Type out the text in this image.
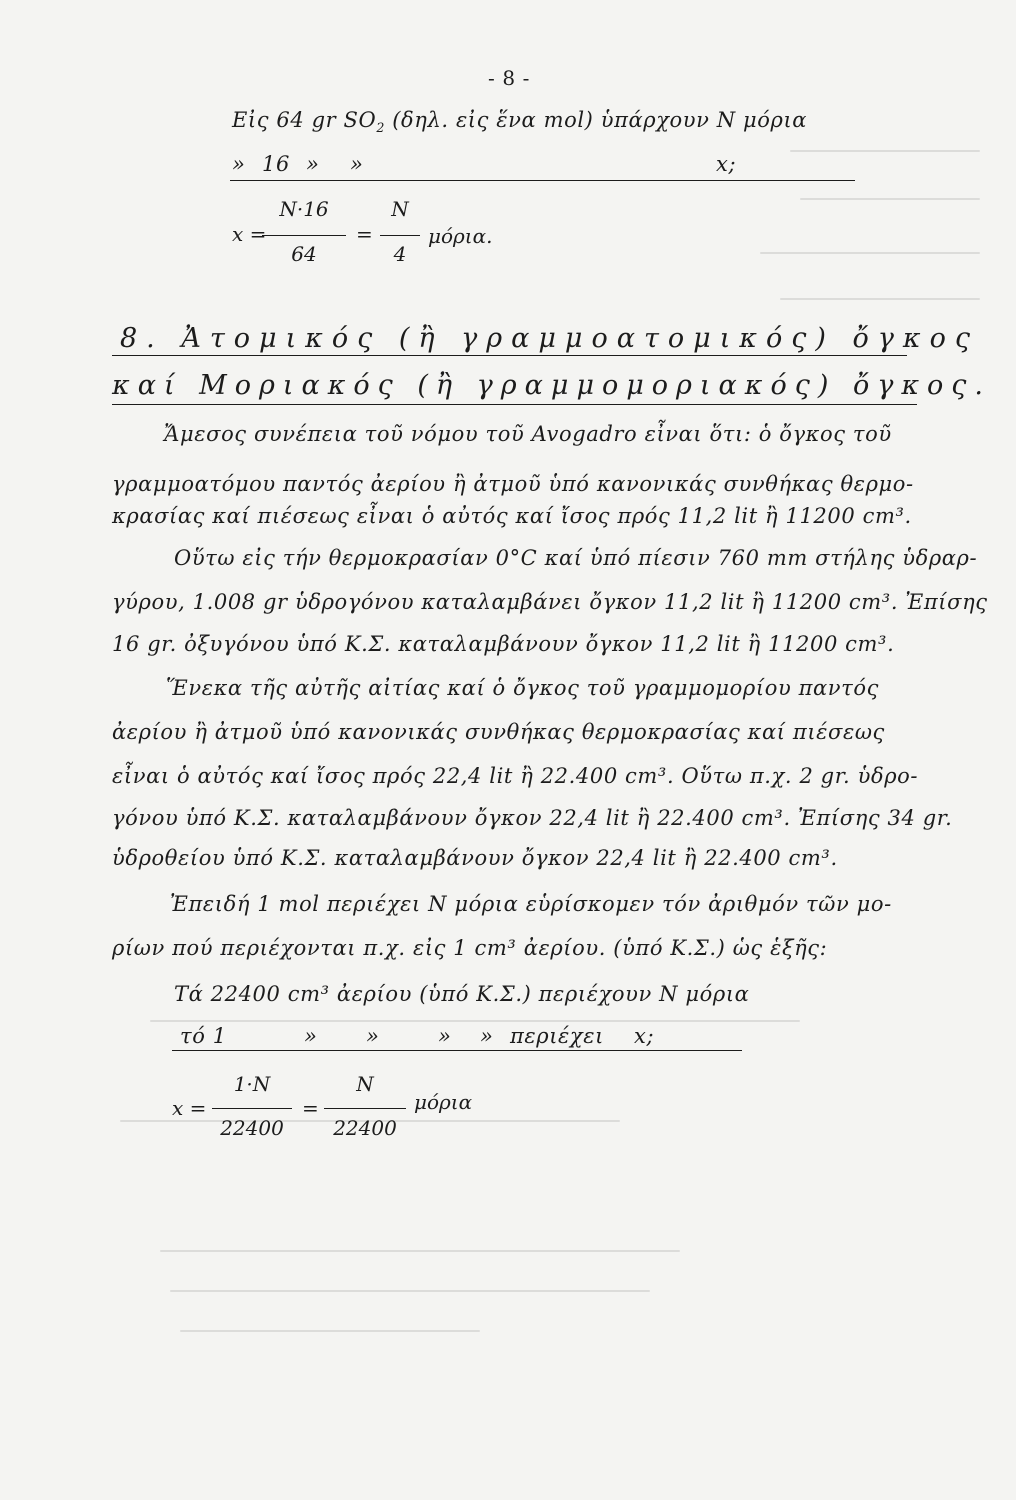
- 8 -
Εἰς 64 gr $SO_2$ (δηλ. εἰς ἕνα mol) ὑπάρχουν N μόρια
» 16 » »	x;
x =
N·16
64
=
N
4
μόρια.
8. Ἀτομικός (ἢ γραμμοατομικός) ὄγκος
καί Μοριακός (ἢ γραμμομοριακός) ὄγκος.
Ἄμεσος συνέπεια τοῦ νόμου τοῦ Avogadro εἶναι ὅτι: ὁ ὄγκος τοῦ
γραμμοατόμου παντός ἀερίου ἢ ἀτμοῦ ὑπό κανονικάς συνθήκας θερμο-
κρασίας καί πιέσεως εἶναι ὁ αὐτός καί ἴσος πρός 11,2 lit ἢ 11200 cm³.
Οὕτω εἰς τήν θερμοκρασίαν 0°C καί ὑπό πίεσιν 760 mm στήλης ὑδραρ-
γύρου, 1.008 gr ὑδρογόνου καταλαμβάνει ὄγκον 11,2 lit ἢ 11200 cm³. Ἐπίσης
16 gr. ὀξυγόνου ὑπό Κ.Σ. καταλαμβάνουν ὄγκον 11,2 lit ἢ 11200 cm³.
Ἕνεκα τῆς αὐτῆς αἰτίας καί ὁ ὄγκος τοῦ γραμμομορίου παντός
ἀερίου ἢ ἀτμοῦ ὑπό κανονικάς συνθήκας θερμοκρασίας καί πιέσεως
εἶναι ὁ αὐτός καί ἴσος πρός 22,4 lit ἢ 22.400 cm³. Οὕτω π.χ. 2 gr. ὑδρο-
γόνου ὑπό Κ.Σ. καταλαμβάνουν ὄγκον 22,4 lit ἢ 22.400 cm³. Ἐπίσης 34 gr.
ὑδροθείου ὑπό Κ.Σ. καταλαμβάνουν ὄγκον 22,4 lit ἢ 22.400 cm³.
Ἐπειδή 1 mol περιέχει N μόρια εὑρίσκομεν τόν ἀριθμόν τῶν μο-
ρίων πού περιέχονται π.χ. εἰς 1 cm³ ἀερίου. (ὑπό Κ.Σ.) ὡς ἑξῆς:
Τά 22400 cm³ ἀερίου (ὑπό Κ.Σ.) περιέχουν N μόρια
τό 1	» »	» » περιέχει x;
x =
1·N
22400
=
N
22400
μόρια
